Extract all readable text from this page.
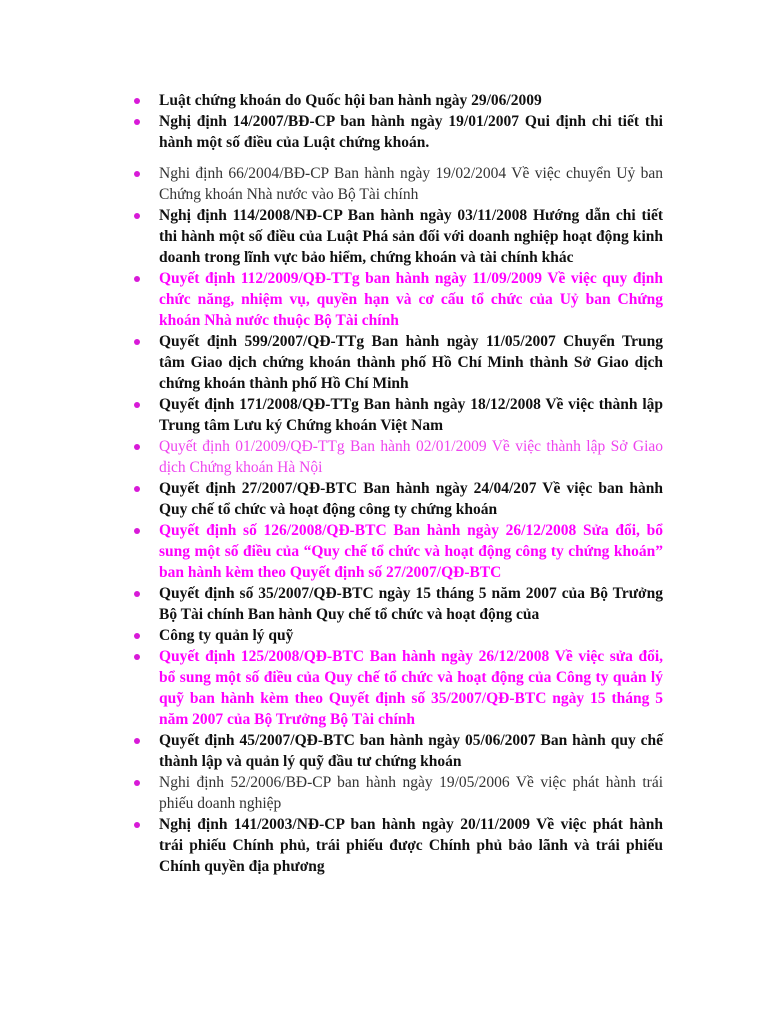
Luật chứng khoán do Quốc hội ban hành ngày 29/06/2009
Nghị định 14/2007/BĐ-CP ban hành ngày 19/01/2007 Qui định chi tiết thi hành một số điều của Luật chứng khoán.
Nghi định 66/2004/BĐ-CP Ban hành ngày 19/02/2004 Về việc chuyển Uỷ ban Chứng khoán Nhà nước vào Bộ Tài chính
Nghị định 114/2008/NĐ-CP Ban hành ngày 03/11/2008 Hướng dẫn chi tiết thi hành một số điều của Luật Phá sản đối với doanh nghiệp hoạt động kinh doanh trong lĩnh vực bảo hiểm, chứng khoán và tài chính khác
Quyết định 112/2009/QĐ-TTg ban hành ngày 11/09/2009 Về việc quy định chức năng, nhiệm vụ, quyền hạn và cơ cấu tổ chức của Uỷ ban Chứng khoán Nhà nước thuộc Bộ Tài chính
Quyết định 599/2007/QĐ-TTg Ban hành ngày 11/05/2007 Chuyển Trung tâm Giao dịch chứng khoán thành phố Hồ Chí Minh thành Sở Giao dịch chứng khoán thành phố Hồ Chí Minh
Quyết định 171/2008/QĐ-TTg Ban hành ngày 18/12/2008 Về việc thành lập Trung tâm Lưu ký Chứng khoán Việt Nam
Quyết định 01/2009/QĐ-TTg Ban hành 02/01/2009 Về việc thành lập Sở Giao dịch Chứng khoán Hà Nội
Quyết định 27/2007/QĐ-BTC Ban hành ngày 24/04/207 Về việc ban hành Quy chế tổ chức và hoạt động công ty chứng khoán
Quyết định số 126/2008/QĐ-BTC Ban hành ngày 26/12/2008 Sửa đổi, bổ sung một số điều của “Quy chế tổ chức và hoạt động công ty chứng khoán” ban hành kèm theo Quyết định số 27/2007/QĐ-BTC
Quyết định số 35/2007/QĐ-BTC ngày 15 tháng 5 năm 2007 của Bộ Trưởng Bộ Tài chính Ban hành Quy chế tổ chức và hoạt động của
Công ty quản lý quỹ
Quyết định 125/2008/QĐ-BTC Ban hành ngày 26/12/2008 Về việc sửa đổi, bổ sung một số điều của Quy chế tổ chức và hoạt động của Công ty quản lý quỹ ban hành kèm theo Quyết định số 35/2007/QĐ-BTC ngày 15 tháng 5 năm 2007 của Bộ Trưởng Bộ Tài chính
Quyết định 45/2007/QĐ-BTC ban hành ngày 05/06/2007 Ban hành quy chế thành lập và quản lý quỹ đầu tư chứng khoán
Nghi định 52/2006/BĐ-CP ban hành ngày 19/05/2006 Về việc phát hành trái phiếu doanh nghiệp
Nghị định 141/2003/NĐ-CP ban hành ngày 20/11/2009 Về việc phát hành trái phiếu Chính phủ, trái phiếu được Chính phủ bảo lãnh và trái phiếu Chính quyền địa phương
